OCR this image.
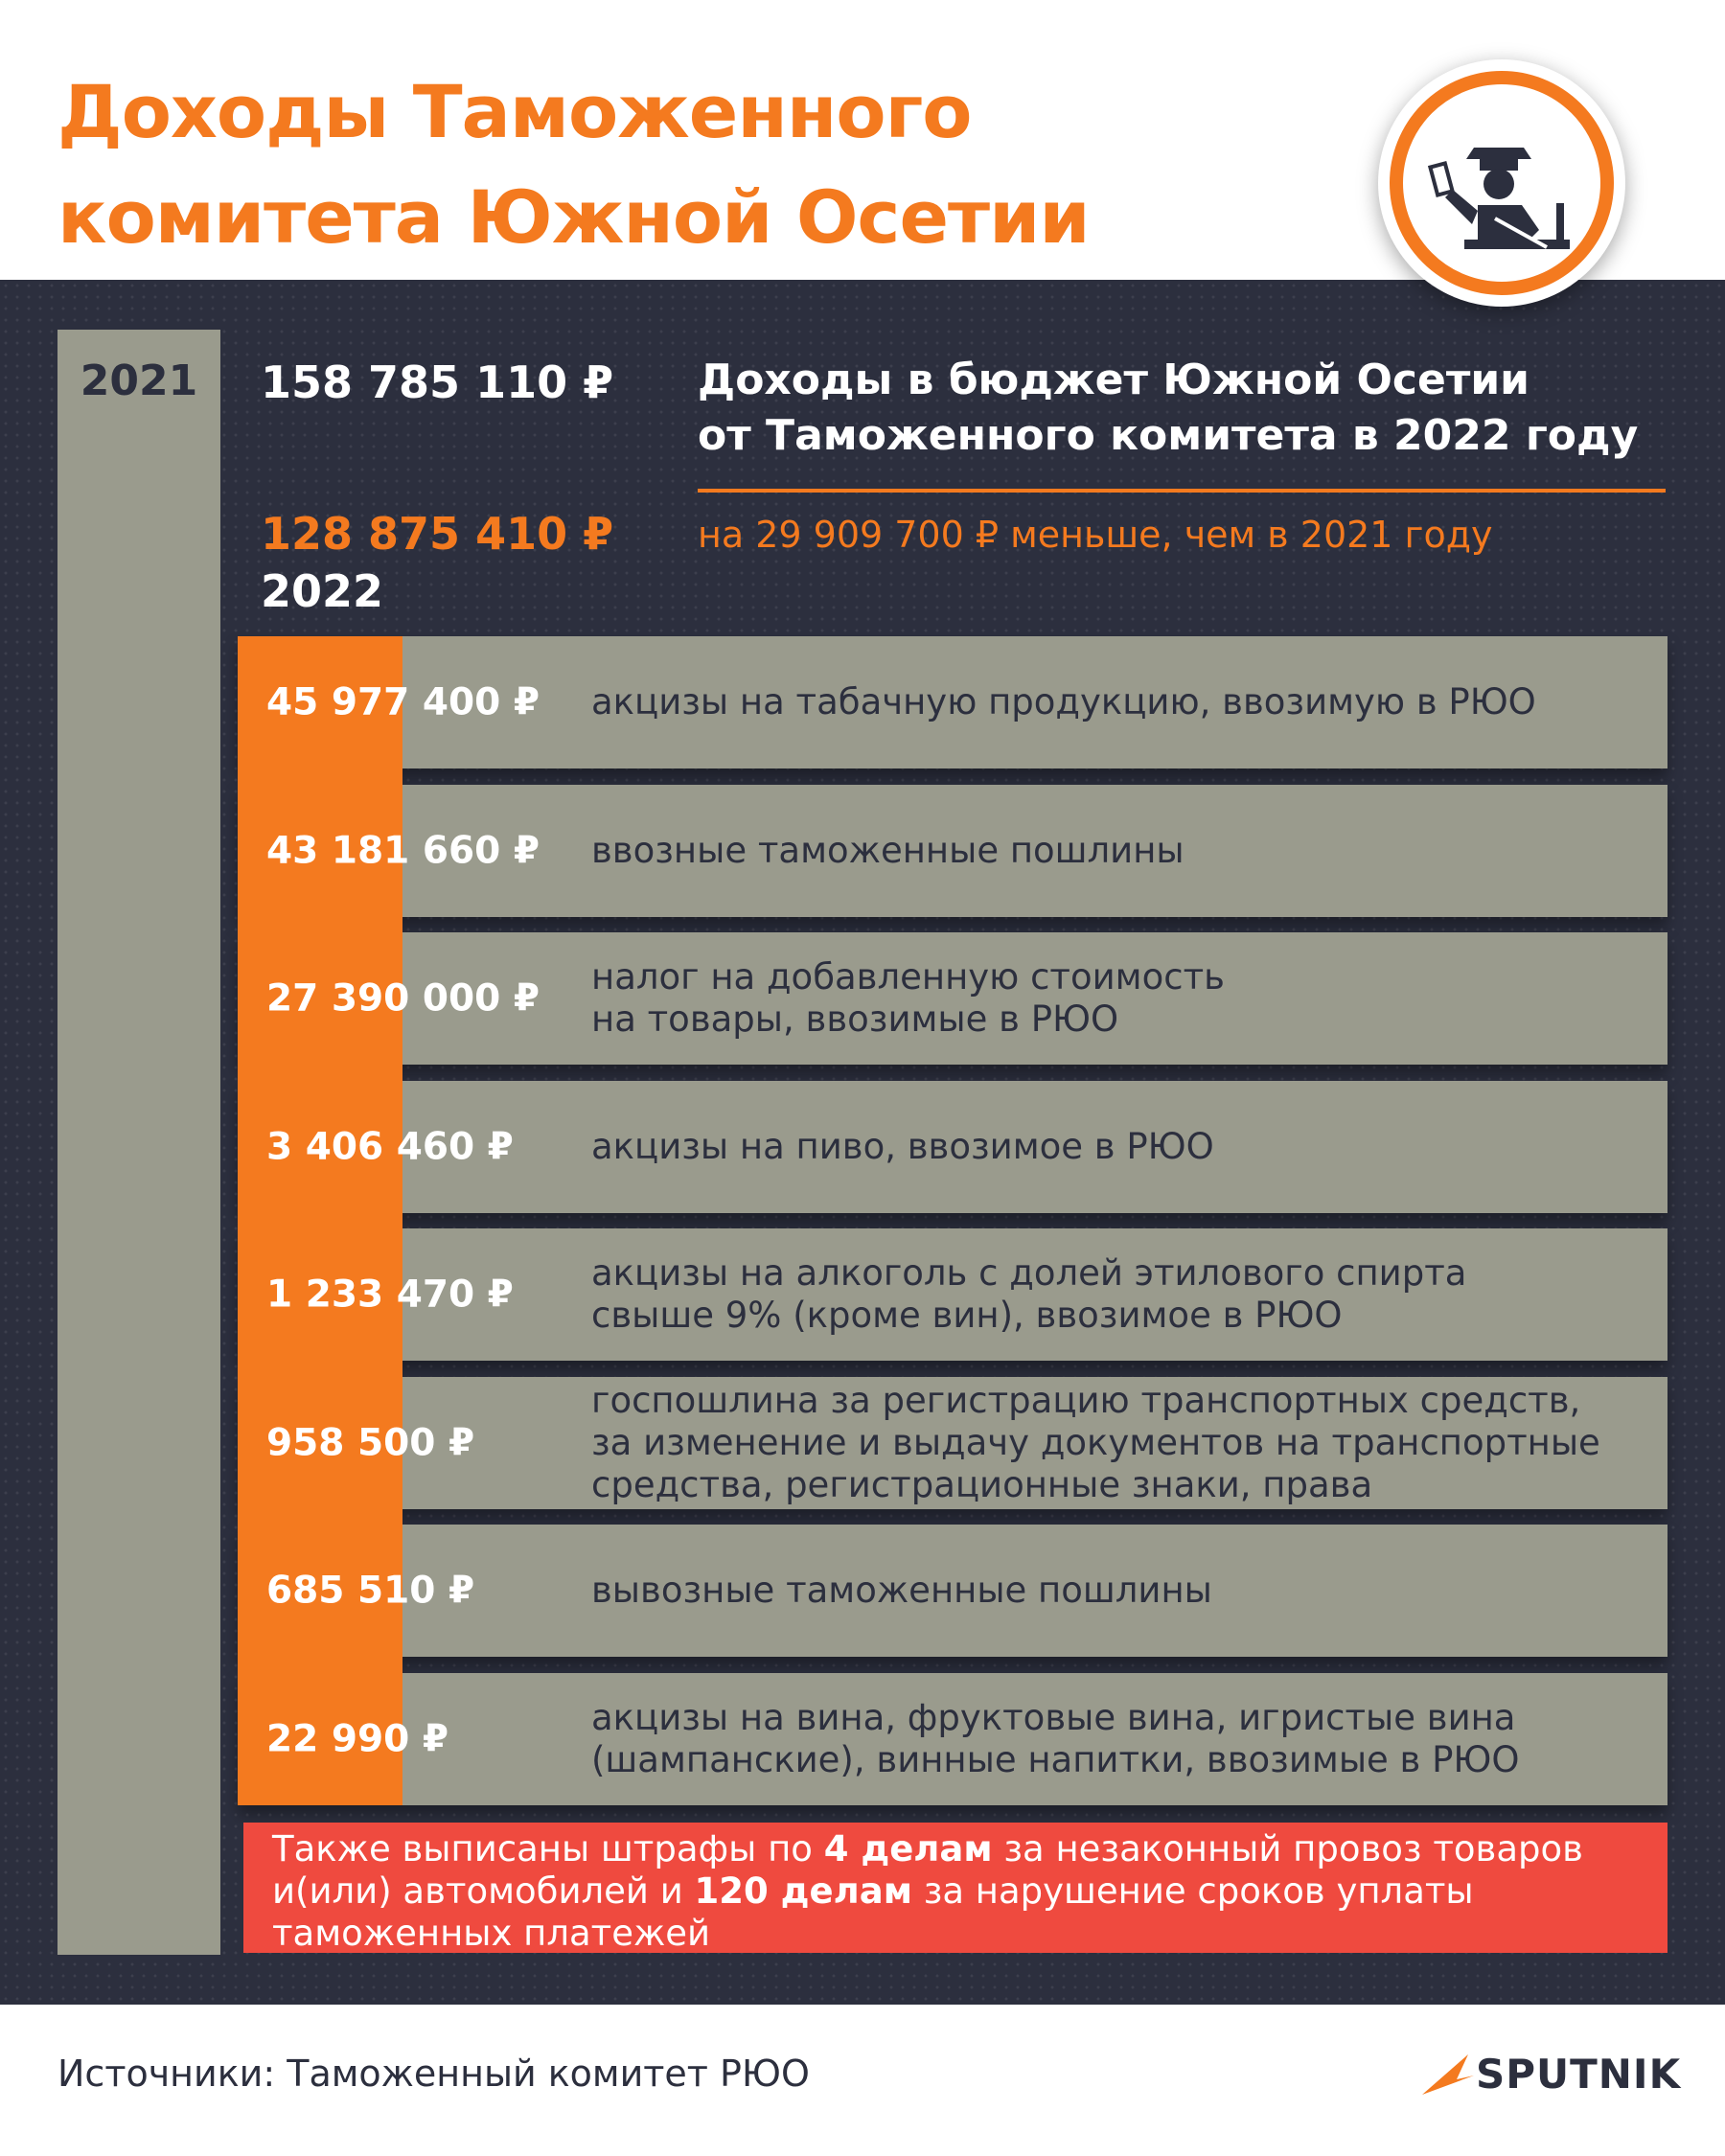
Доходы Таможенного
комитета Южной Осетии
2021	158 785 110 ₽
128 875 410 ₽
2022
Доходы в бюджет Южной Осетии
от Таможенного комитета в 2022 году
на 29 909 700 ₽ меньше, чем в 2021 году
45 977 400 ₽ акцизы на табачную продукцию, ввозимую в РЮО
43 181 660 ₽ ввозные таможенные пошлины
27 390 000 ₽ налог на добавленную стоимость
на товары, ввозимые в РЮО
3 406 460 ₽ акцизы на пиво, ввозимое в РЮО
1 233 470 ₽ акцизы на алкоголь с долей этилового спирта
свыше 9% (кроме вин), ввозимое в РЮО
958 500 ₽
госпошлина за регистрацию транспортных средств,
за изменение и выдачу документов на транспортные
средства, регистрационные знаки, права
685 510 ₽	вывозные таможенные пошлины
22 990 ₽	акцизы на вина, фруктовые вина, игристые вина
(шампанские), винные напитки, ввозимые в РЮО

Также выписаны штрафы по 4 делам за незаконный провоз товаров и(или) автомобилей и 120 делам за нарушение сроков уплаты таможенных платежей

Источники: Таможенный комитет РЮО	SPUTNIK
